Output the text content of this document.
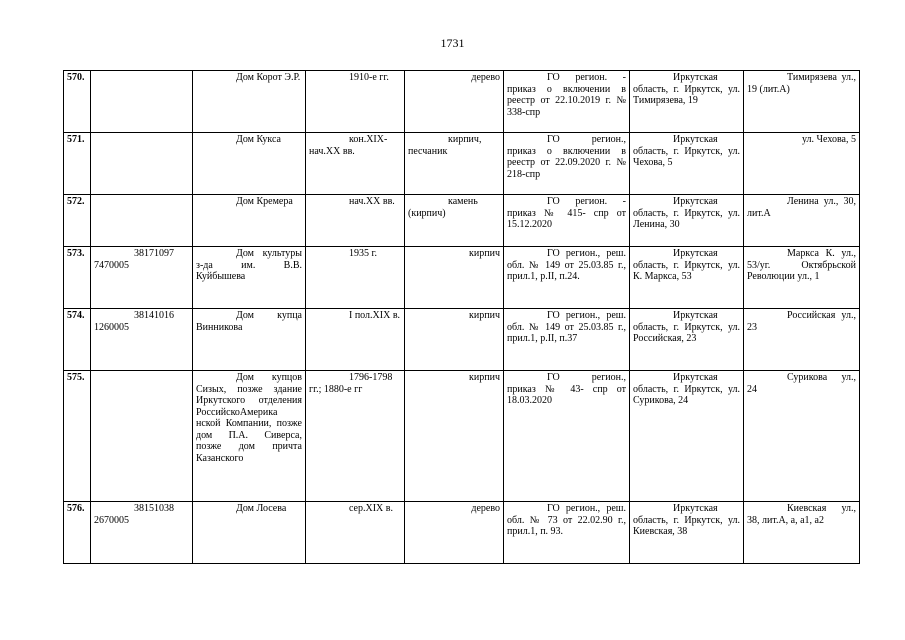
1731
570.		Дом Корот Э.Р.	1910-е гг.	дерево	ГО регион. - приказ о включении в реестр от 22.10.2019 г. № 338-спр	Иркутская область, г. Иркутск, ул. Тимирязева, 19	Тимирязева ул., 19 (лит.А)

571.		Дом Кукса	кон.XIX-нач.XX вв.	кирпич, песчаник	ГО регион., приказ о включении в реестр от 22.09.2020 г. № 218-спр	Иркутская область, г. Иркутск, ул. Чехова, 5	ул. Чехова, 5

572.		Дом Кремера	нач.XX вв.	камень (кирпич)	ГО регион. - приказ № 415- спр от 15.12.2020	Иркутская область, г. Иркутск, ул. Ленина, 30	Ленина ул., 30, лит.А

573.	38171097 7470005	Дом культуры з-да им. В.В. Куйбышева	1935 г.	кирпич	ГО регион., реш. обл. № 149 от 25.03.85 г., прил.1, р.II, п.24.	Иркутская область, г. Иркутск, ул. К. Маркса, 53	Маркса К. ул., 53/уг. Октябрьской Революции ул., 1

574.	38141016 1260005	Дом купца Винникова	I пол.XIX в.	кирпич	ГО регион., реш. обл. № 149 от 25.03.85 г., прил.1, р.II, п.37	Иркутская область, г. Иркутск, ул. Российская, 23	Российская ул., 23

575.		Дом купцов Сизых, позже здание Иркутского отделения РоссийскоАмерика нской Компании, позже дом П.А. Сиверса, позже дом причта Казанского	1796-1798 гг.; 1880-е гг	кирпич	ГО регион., приказ № 43- спр от 18.03.2020	Иркутская область, г. Иркутск, ул. Сурикова, 24	Сурикова ул., 24

576.	38151038 2670005	Дом Лосева	сер.XIX в.	дерево	ГО регион., реш. обл. № 73 от 22.02.90 г., прил.1, п. 93.	Иркутская область, г. Иркутск, ул. Киевская, 38	Киевская ул., 38, лит.А, а, а1, а2
